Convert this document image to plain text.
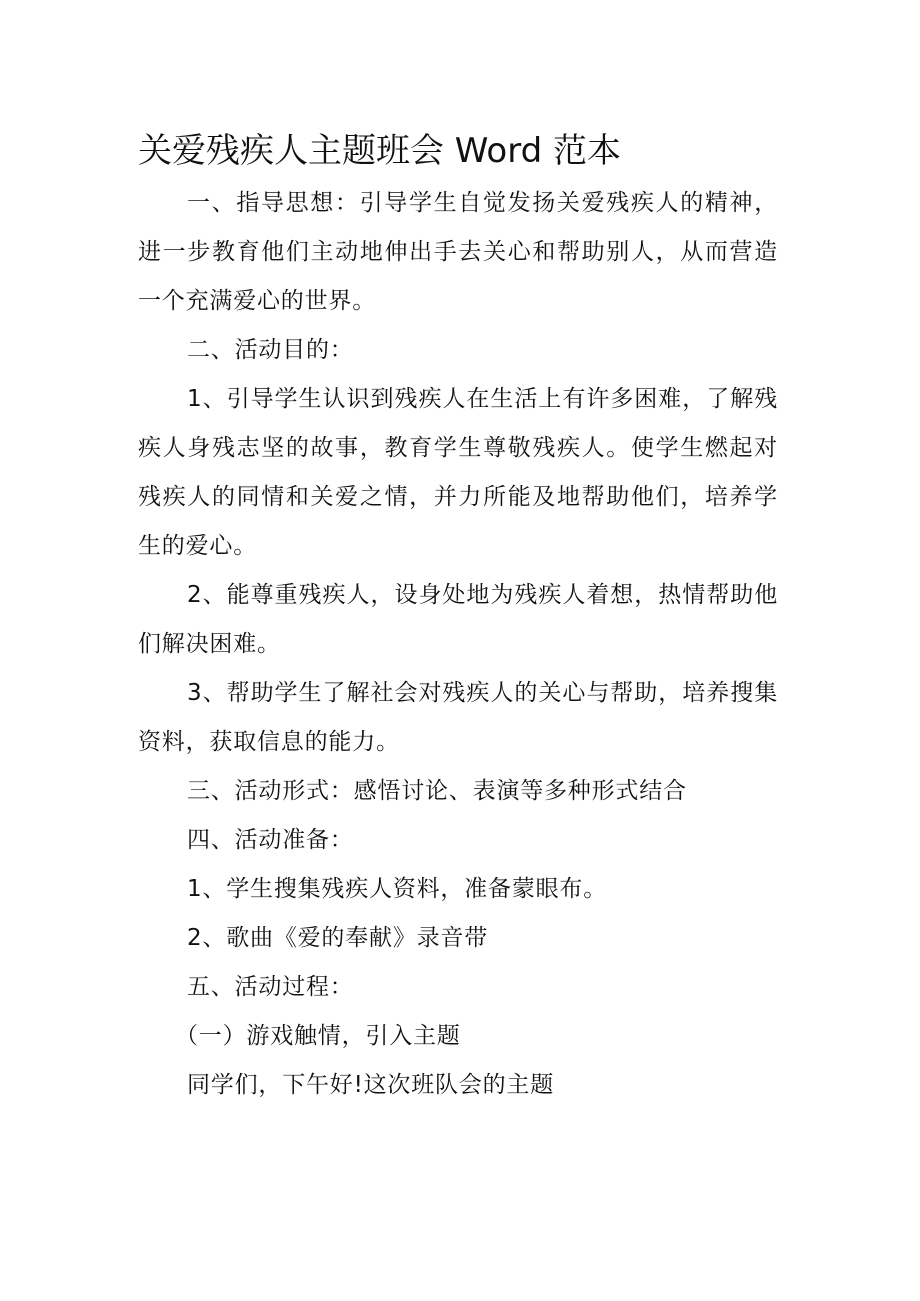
关爱残疾人主题班会 Word 范本

一、指导思想：引导学生自觉发扬关爱残疾人的精神，进一步教育他们主动地伸出手去关心和帮助别人，从而营造一个充满爱心的世界。

二、活动目的：

1、引导学生认识到残疾人在生活上有许多困难，了解残疾人身残志坚的故事，教育学生尊敬残疾人。使学生燃起对残疾人的同情和关爱之情，并力所能及地帮助他们，培养学生的爱心。

2、能尊重残疾人，设身处地为残疾人着想，热情帮助他们解决困难。

3、帮助学生了解社会对残疾人的关心与帮助，培养搜集资料，获取信息的能力。

三、活动形式：感悟讨论、表演等多种形式结合

四、活动准备：

1、学生搜集残疾人资料，准备蒙眼布。

2、歌曲《爱的奉献》录音带

五、活动过程：

（一）游戏触情，引入主题

同学们，下午好!这次班队会的主题
